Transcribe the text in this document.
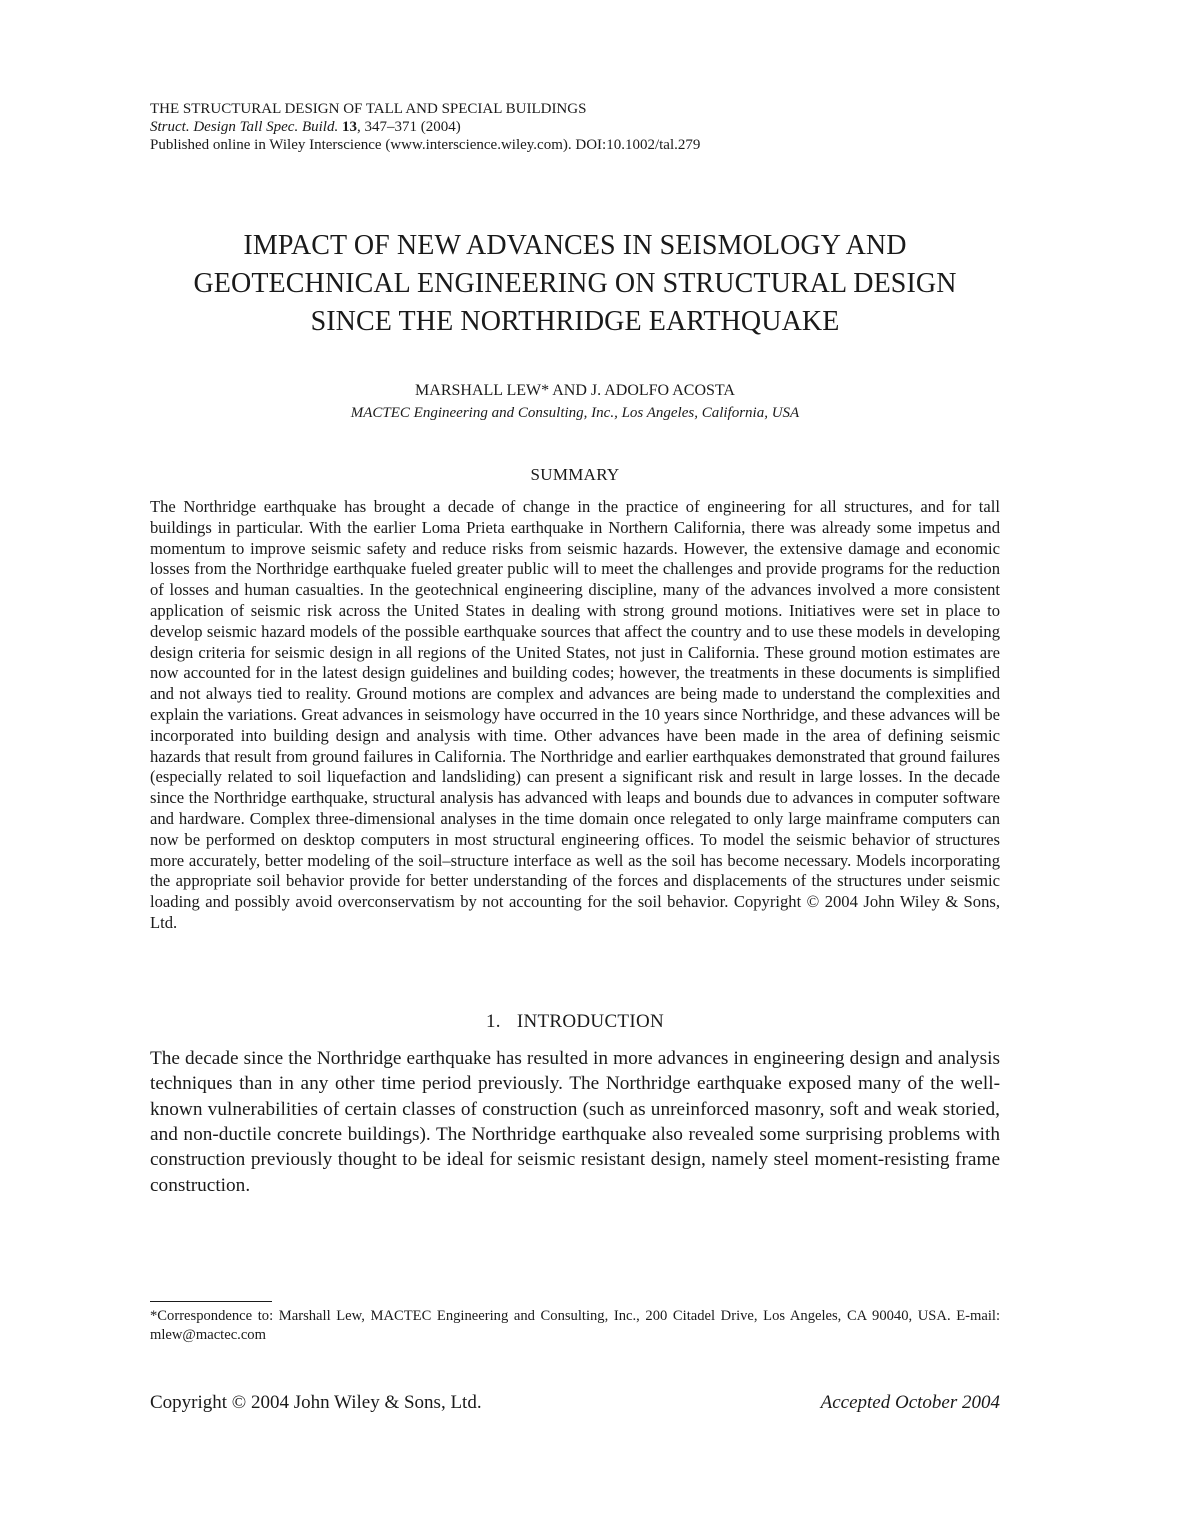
THE STRUCTURAL DESIGN OF TALL AND SPECIAL BUILDINGS
Struct. Design Tall Spec. Build. 13, 347–371 (2004)
Published online in Wiley Interscience (www.interscience.wiley.com). DOI:10.1002/tal.279
IMPACT OF NEW ADVANCES IN SEISMOLOGY AND
GEOTECHNICAL ENGINEERING ON STRUCTURAL DESIGN
SINCE THE NORTHRIDGE EARTHQUAKE
MARSHALL LEW* AND J. ADOLFO ACOSTA
MACTEC Engineering and Consulting, Inc., Los Angeles, California, USA
SUMMARY

The Northridge earthquake has brought a decade of change in the practice of engineering for all structures, and for tall buildings in particular. With the earlier Loma Prieta earthquake in Northern California, there was already some impetus and momentum to improve seismic safety and reduce risks from seismic hazards. However, the extensive damage and economic losses from the Northridge earthquake fueled greater public will to meet the challenges and provide programs for the reduction of losses and human casualties. In the geotechnical engineering discipline, many of the advances involved a more consistent application of seismic risk across the United States in dealing with strong ground motions. Initiatives were set in place to develop seismic hazard models of the possible earthquake sources that affect the country and to use these models in developing design criteria for seismic design in all regions of the United States, not just in California. These ground motion estimates are now accounted for in the latest design guidelines and building codes; however, the treatments in these documents is simplified and not always tied to reality. Ground motions are complex and advances are being made to understand the complexities and explain the variations. Great advances in seismology have occurred in the 10 years since Northridge, and these advances will be incorporated into building design and analysis with time. Other advances have been made in the area of defining seismic hazards that result from ground failures in California. The Northridge and earlier earthquakes demonstrated that ground failures (especially related to soil liquefaction and landsliding) can present a significant risk and result in large losses. In the decade since the Northridge earthquake, structural analysis has advanced with leaps and bounds due to advances in computer software and hardware. Complex three-dimensional analyses in the time domain once relegated to only large mainframe computers can now be performed on desktop computers in most structural engineering offices. To model the seismic behavior of structures more accurately, better modeling of the soil–structure interface as well as the soil has become necessary. Models incorporating the appropriate soil behavior provide for better understanding of the forces and displacements of the structures under seismic loading and possibly avoid overconservatism by not accounting for the soil behavior. Copyright © 2004 John Wiley & Sons, Ltd.

1. INTRODUCTION

The decade since the Northridge earthquake has resulted in more advances in engineering design and analysis techniques than in any other time period previously. The Northridge earthquake exposed many of the well-known vulnerabilities of certain classes of construction (such as unreinforced masonry, soft and weak storied, and non-ductile concrete buildings). The Northridge earthquake also revealed some surprising problems with construction previously thought to be ideal for seismic resistant design, namely steel moment-resisting frame construction.

*Correspondence to: Marshall Lew, MACTEC Engineering and Consulting, Inc., 200 Citadel Drive, Los Angeles, CA 90040, USA. E-mail: mlew@mactec.com
Copyright © 2004 John Wiley & Sons, Ltd.	Accepted October 2004
